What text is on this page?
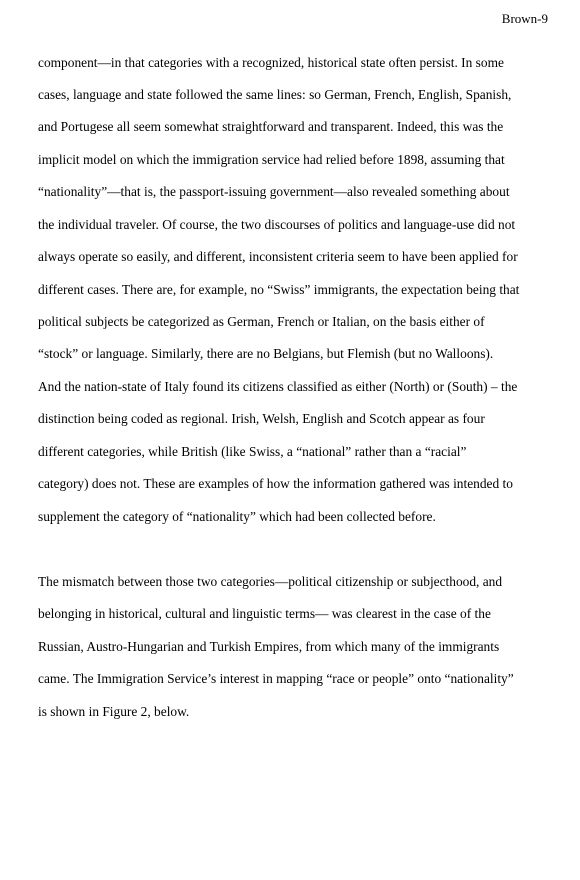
Brown-9
component—in that categories with a recognized, historical state often persist. In some
cases, language and state followed the same lines: so German, French, English, Spanish,
and Portugese all seem somewhat straightforward and transparent. Indeed, this was the
implicit model on which the immigration service had relied before 1898, assuming that
“nationality”—that is, the passport-issuing government—also revealed something about
the individual traveler. Of course, the two discourses of politics and language-use did not
always operate so easily, and different, inconsistent criteria seem to have been applied for
different cases. There are, for example, no “Swiss” immigrants, the expectation being that
political subjects be categorized as German, French or Italian, on the basis either of
“stock” or language. Similarly, there are no Belgians, but Flemish (but no Walloons).
And the nation-state of Italy found its citizens classified as either (North) or (South) – the
distinction being coded as regional. Irish, Welsh, English and Scotch appear as four
different categories, while British (like Swiss, a “national” rather than a “racial”
category) does not. These are examples of how the information gathered was intended to
supplement the category of “nationality” which had been collected before.
The mismatch between those two categories—political citizenship or subjecthood, and
belonging in historical, cultural and linguistic terms— was clearest in the case of the
Russian, Austro-Hungarian and Turkish Empires, from which many of the immigrants
came. The Immigration Service’s interest in mapping “race or people” onto “nationality”
is shown in Figure 2, below.
